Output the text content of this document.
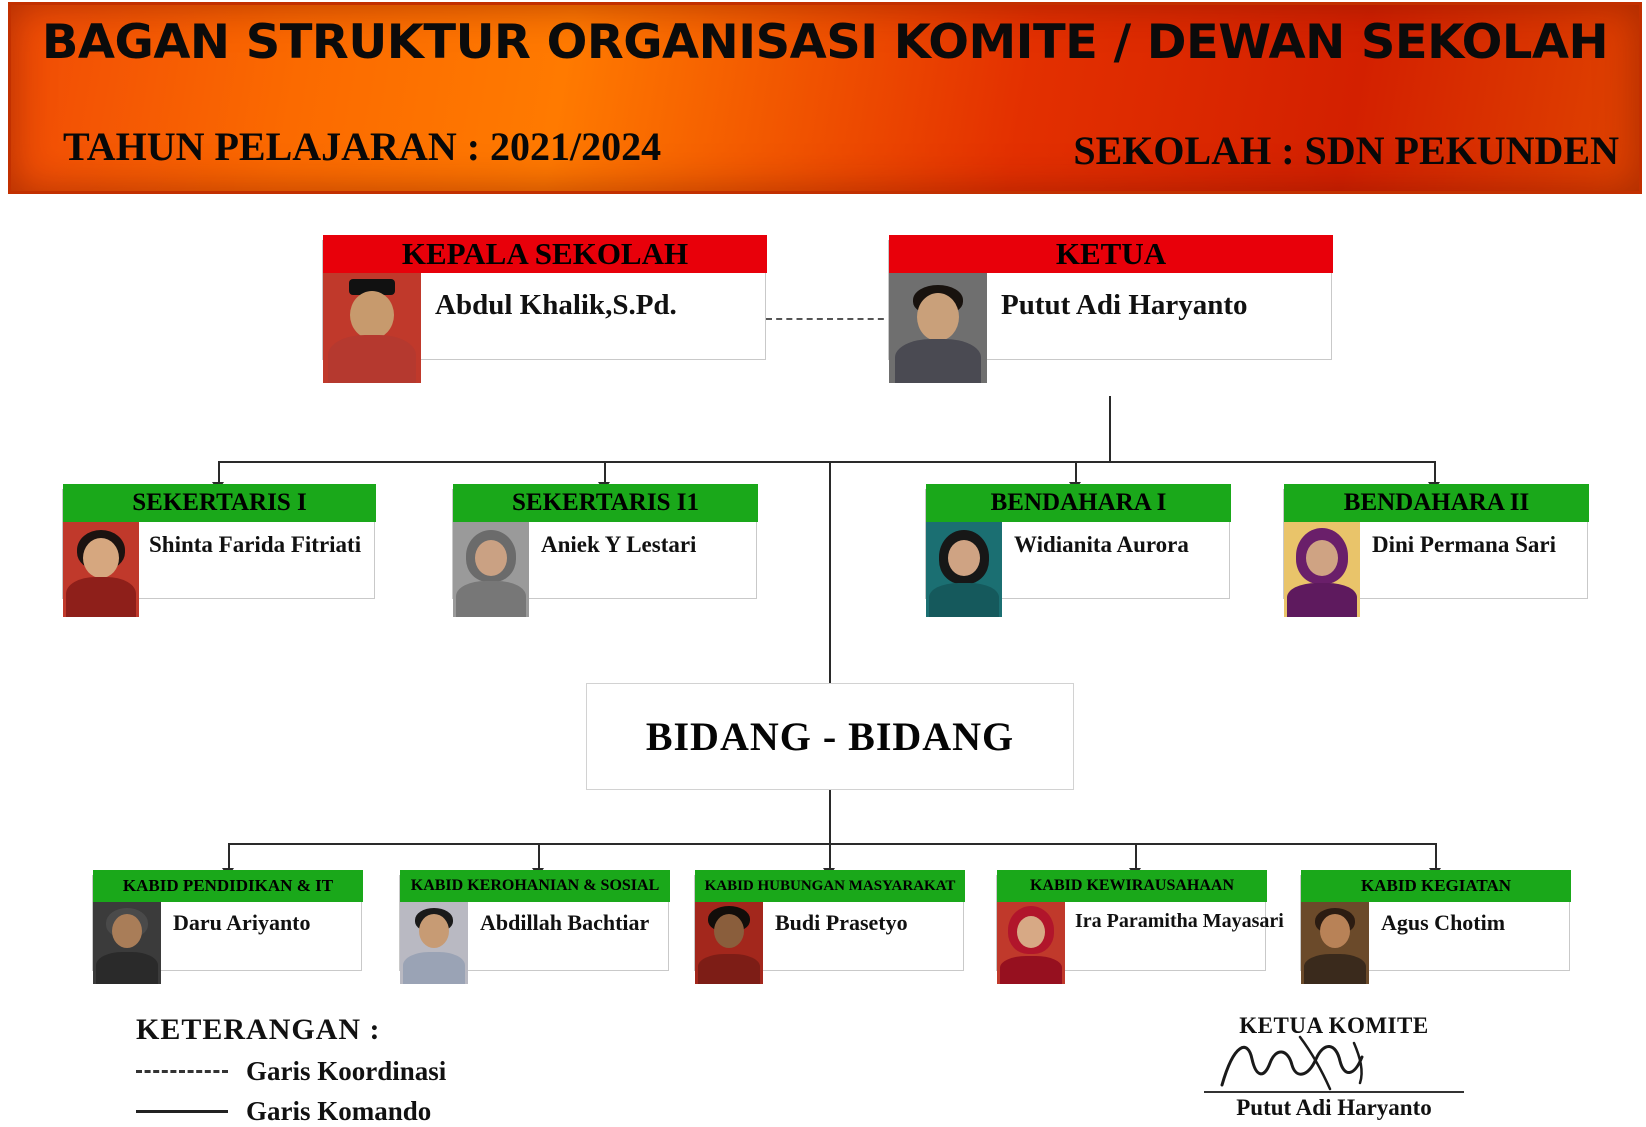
BAGAN STRUKTUR ORGANISASI KOMITE / DEWAN SEKOLAH
TAHUN PELAJARAN : 2021/2024	SEKOLAH : SDN PEKUNDEN
KEPALA SEKOLAH
Abdul Khalik,S.Pd.
KETUA
Putut Adi Haryanto
SEKERTARIS I
Shinta Farida Fitriati
SEKERTARIS I1
Aniek Y Lestari
BENDAHARA I
Widianita Aurora
BENDAHARA II
Dini Permana Sari
BIDANG - BIDANG
KABID PENDIDIKAN & IT
Daru Ariyanto
KABID KEROHANIAN & SOSIAL
Abdillah Bachtiar
KABID HUBUNGAN MASYARAKAT
Budi Prasetyo
KABID KEWIRAUSAHAAN
Ira Paramitha Mayasari
KABID KEGIATAN
Agus Chotim
KETERANGAN :
Garis Koordinasi
Garis Komando
KETUA KOMITE
Putut Adi Haryanto
